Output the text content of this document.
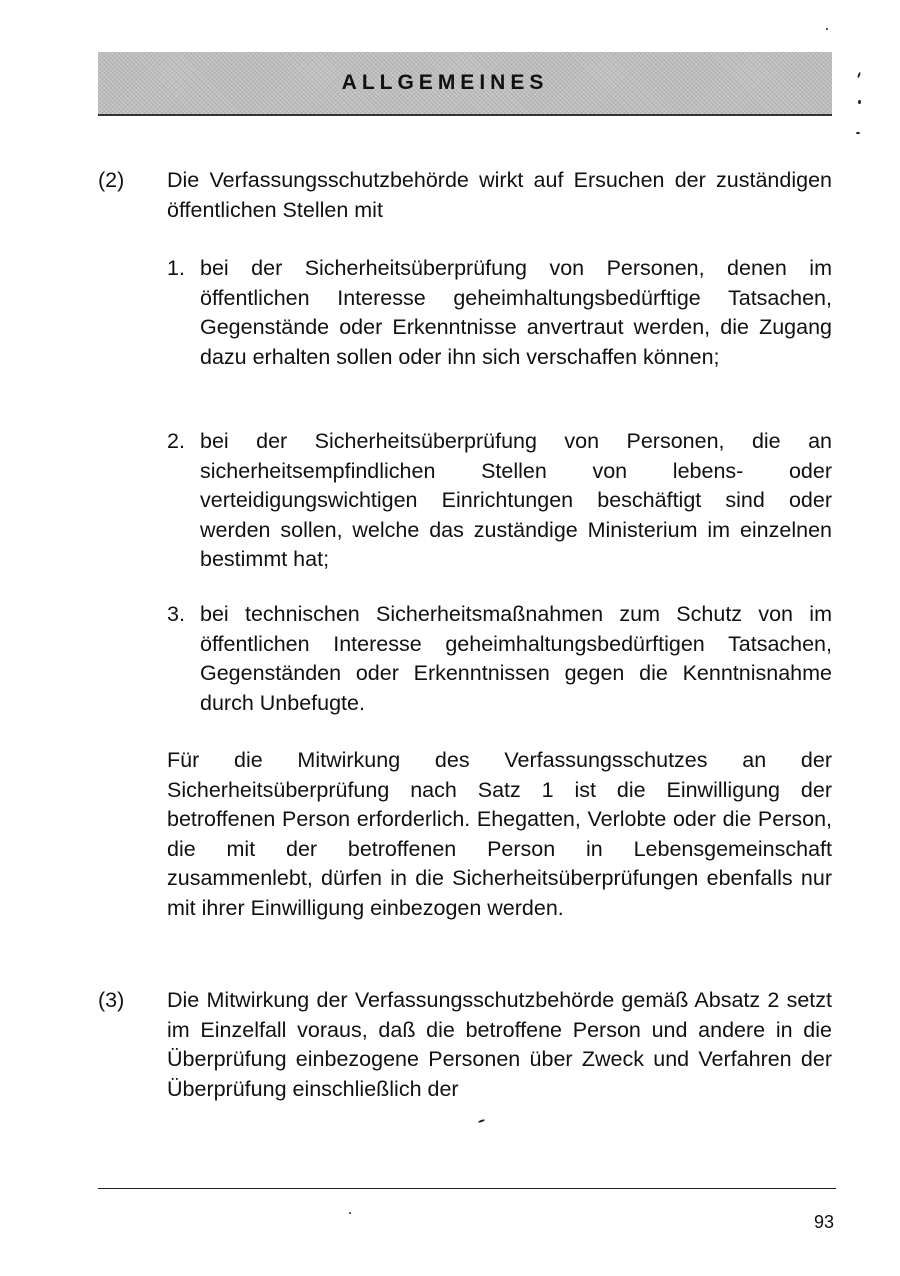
ALLGEMEINES
(2) Die Verfassungsschutzbehörde wirkt auf Ersuchen der zuständigen öffentlichen Stellen mit
1. bei der Sicherheitsüberprüfung von Personen, denen im öffentlichen Interesse geheimhaltungsbedürftige Tatsachen, Gegenstände oder Erkenntnisse anvertraut werden, die Zugang dazu erhalten sollen oder ihn sich verschaffen können;
2. bei der Sicherheitsüberprüfung von Personen, die an sicherheitsempfindlichen Stellen von lebens- oder verteidigungswichtigen Einrichtungen beschäftigt sind oder werden sollen, welche das zuständige Ministerium im einzelnen bestimmt hat;
3. bei technischen Sicherheitsmaßnahmen zum Schutz von im öffentlichen Interesse geheimhaltungsbedürftigen Tatsachen, Gegenständen oder Erkenntnissen gegen die Kenntnisnahme durch Unbefugte.
Für die Mitwirkung des Verfassungsschutzes an der Sicherheitsüberprüfung nach Satz 1 ist die Einwilligung der betroffenen Person erforderlich. Ehegatten, Verlobte oder die Person, die mit der betroffenen Person in Lebensgemeinschaft zusammenlebt, dürfen in die Sicherheitsüberprüfungen ebenfalls nur mit ihrer Einwilligung einbezogen werden.
(3) Die Mitwirkung der Verfassungsschutzbehörde gemäß Absatz 2 setzt im Einzelfall voraus, daß die betroffene Person und andere in die Überprüfung einbezogene Personen über Zweck und Verfahren der Überprüfung einschließlich der
93
